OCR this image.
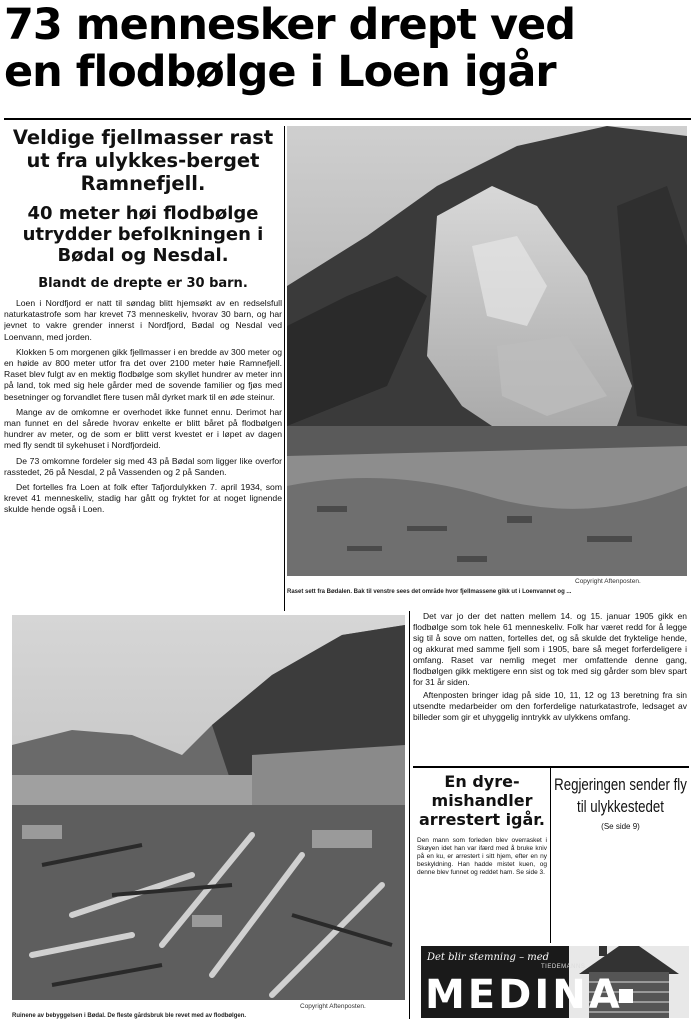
73 mennesker drept ved
en flodbølge i Loen igår
Veldige fjellmasser rast ut fra ulykkes-berget Ramnefjell.
40 meter høi flodbølge utrydder befolkningen i Bødal og Nesdal.
Blandt de drepte er 30 barn.

Loen i Nordfjord er natt til søndag blitt hjemsøkt av en redselsfull naturkatastrofe som har krevet 73 menneskeliv, hvorav 30 barn, og har jevnet to vakre grender innerst i Nordfjord, Bødal og Nesdal ved Loenvann, med jorden.

Klokken 5 om morgenen gikk fjellmasser i en bredde av 300 meter og en høide av 800 meter utfor fra det over 2100 meter høie Ramnefjell. Raset blev fulgt av en mektig flodbølge som skyllet hundrer av meter inn på land, tok med sig hele gårder med de sovende familier og fjøs med besetninger og forvandlet flere tusen mål dyrket mark til en øde steinur.

Mange av de omkomne er overhodet ikke funnet ennu. Derimot har man funnet en del sårede hvorav enkelte er blitt båret på flodbølgen hundrer av meter, og de som er blitt verst kvestet er i løpet av dagen med fly sendt til sykehuset i Nordfjordeid.

De 73 omkomne fordeler sig med 43 på Bødal som ligger like overfor rasstedet, 26 på Nesdal, 2 på Vassenden og 2 på Sanden.

Det fortelles fra Loen at folk efter Tafjordulykken 7. april 1934, som krevet 41 menneskeliv, stadig har gått og fryktet for at noget lignende skulde hende også i Loen.

Copyright Aftenposten.
Raset sett fra Bødalen. Bak til venstre sees det område hvor fjellmassene gikk ut i Loenvannet og ...
Copyright Aftenposten.
Ruinene av bebyggelsen i Bødal. De fleste gårdsbruk ble revet med av flodbølgen.

Det var jo der det natten mellem 14. og 15. januar 1905 gikk en flodbølge som tok hele 61 menneskeliv. Folk har været redd for å legge sig til å sove om natten, fortelles det, og så skulde det fryktelige hende, og akkurat med samme fjell som i 1905, bare så meget forferdeligere i omfang. Raset var nemlig meget mer omfattende denne gang, flodbølgen gikk mektigere enn sist og tok med sig gårder som blev spart for 31 år siden.

Aftenposten bringer idag på side 10, 11, 12 og 13 beretning fra sin utsendte medarbeider om den forferdelige naturkatastrofe, ledsaget av billeder som gir et uhyggelig inntrykk av ulykkens omfang.

En dyre-mishandler arrestert igår.
Den mann som forleden blev overrasket i Skøyen idet han var ifærd med å bruke kniv på en ku, er arrestert i sitt hjem, efter en ny beskyldning. Han hadde mistet kuen, og denne blev funnet og reddet ham. Se side 3.
Regjeringen sender fly til ulykkestedet
(Se side 9)
Det blir stemning – med
TIEDEMANNS
MEDINA
